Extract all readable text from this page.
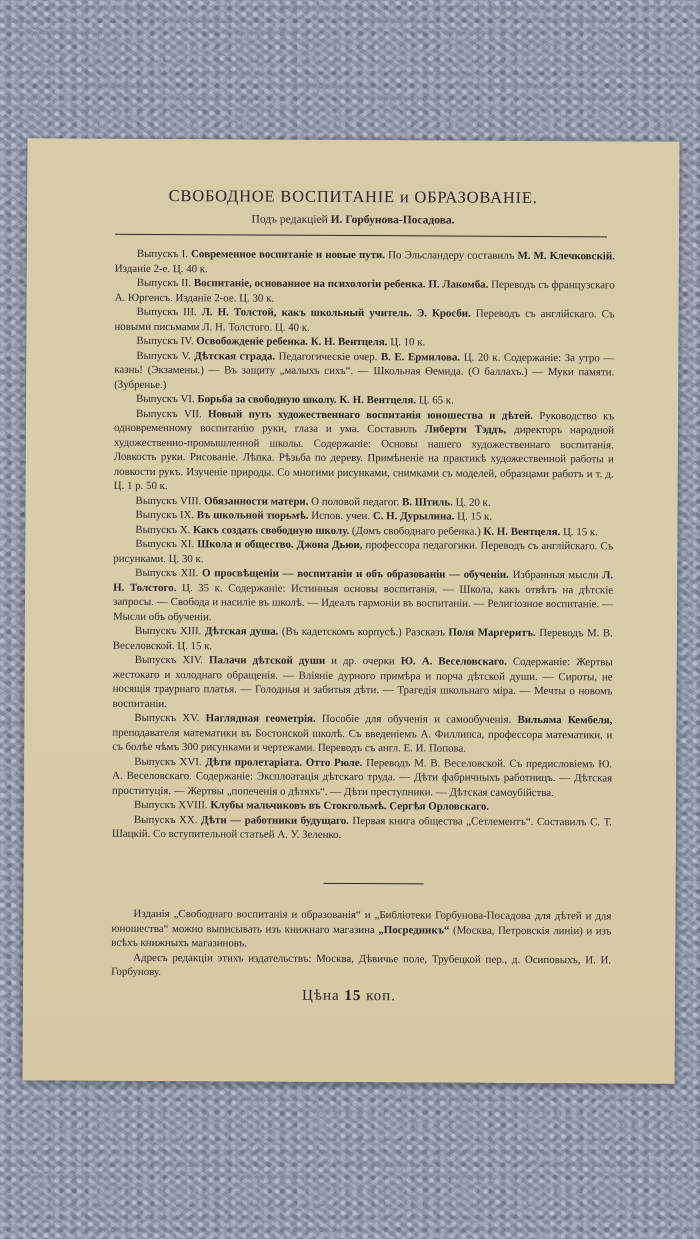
СВОБОДНОЕ ВОСПИТАНІЕ и ОБРАЗОВАНІЕ.
Подъ редакціей И. Горбунова-Посадова.

Выпускъ I. Современное воспитаніе и новые пути. По Эльсландеру составилъ М. М. Клечковскій. Изданіе 2-е. Ц. 40 к.

Выпускъ II. Воспитаніе, основанное на психологіи ребенка. П. Лакомба. Переводъ съ французскаго А. Юргенсъ. Изданіе 2-ое. Ц. 30 к.

Выпускъ III. Л. Н. Толстой, какъ школьный учитель. Э. Кросби. Переводъ съ англійскаго. Съ новыми письмами Л. Н. Толстого. Ц. 40 к.

Выпускъ IV. Освобожденіе ребенка. К. Н. Вентцеля. Ц. 10 к.

Выпускъ V. Дѣтская страда. Педагогическіе очер. В. Е. Ермилова. Ц. 20 к. Содержаніе: За утро — казнь! (Экзамены.) — Въ защиту „малыхъ сихъ“. — Школьная Ѳемида. (О баллахъ.) — Муки памяти. (Зубренье.)

Выпускъ VI. Борьба за свободную школу. К. Н. Вентцеля. Ц. 65 к.

Выпускъ VII. Новый путь художественнаго воспитанія юношества и дѣтей. Руководство къ одновременному воспитанію руки, глаза и ума. Составилъ Либерти Тэддъ, директоръ народной художественно-промышленной школы. Содержаніе: Основы нашего художественнаго воспитанія. Ловкость руки. Рисованіе. Лѣпка. Рѣзьба по дереву. Примѣненіе на практикѣ художественной работы и ловкости рукъ. Изученіе природы. Со многими рисунками, снимками съ моделей, образцами работъ и т. д. Ц. 1 р. 50 к.

Выпускъ VIII. Обязанности матери. О половой педагог. В. Штиль. Ц. 20 к.

Выпускъ IX. Въ школьной тюрьмѣ. Испов. учен. С. Н. Дурылина. Ц. 15 к.

Выпускъ X. Какъ создать свободную школу. (Домъ свободнаго ребенка.) К. Н. Вентцеля. Ц. 15 к.

Выпускъ XI. Школа и общество. Джона Дьюи, профессора педагогики. Переводъ съ англійскаго. Съ рисунками. Ц. 30 к.

Выпускъ XII. О просвѣщеніи — воспитаніи и объ образованіи — обученіи. Избранныя мысли Л. Н. Толстого. Ц. 35 к. Содержаніе: Истинныя основы воспитанія. — Школа, какъ отвѣтъ на дѣтскіе запросы. — Свобода и насиліе въ школѣ. — Идеалъ гармоніи въ воспитаніи. — Религіозное воспитаніе. — Мысли объ обученіи.

Выпускъ XIII. Дѣтская душа. (Въ кадетскомъ корпусѣ.) Разсказъ Поля Маргеритъ. Переводъ М. В. Веселовской. Ц. 15 к.

Выпускъ XIV. Палачи дѣтской души и др. очерки Ю. А. Веселовскаго. Содержаніе: Жертвы жестокаго и холоднаго обращенія. — Вліяніе дурного примѣра и порча дѣтской души. — Сироты, не носящія траурнаго платья. — Голодныя и забитыя дѣти. — Трагедія школьнаго міра. — Мечты о новомъ воспитаніи.

Выпускъ XV. Наглядная геометрія. Пособіе для обученія и самообученія. Вильяма Кембеля, преподавателя математики въ Бостонской школѣ. Съ введеніемъ А. Филлипса, профессора математики, и съ болѣе чѣмъ 300 рисунками и чертежами. Переводъ съ англ. Е. И. Попова.

Выпускъ XVI. Дѣти пролетаріата. Отто Рюле. Переводъ М. В. Веселовской. Съ предисловіемъ Ю. А. Веселовскаго. Содержаніе: Эксплоатація дѣтскаго труда. — Дѣти фабричныхъ работницъ. — Дѣтская проституція. — Жертвы „попеченія о дѣтяхъ“. — Дѣти преступники. — Дѣтская самоубійства.

Выпускъ XVIII. Клубы мальчиковъ въ Стокгольмѣ. Сергѣя Орловскаго.

Выпускъ XX. Дѣти — работники будущаго. Первая книга общества „Сетлементъ“. Составилъ С. Т. Шацкій. Со вступительной статьей А. У. Зеленко.

Изданія „Свободнаго воспитанія и образованія“ и „Библіотеки Горбунова-Посадова для дѣтей и для юношества“ можно выписывать изъ книжнаго магазина „Посредникъ“ (Москва, Петровскія линіи) и изъ всѣхъ книжныхъ магазиновъ.

Адресъ редакціи этихъ издательствъ: Москва, Дѣвичье поле, Трубецкой пер., д. Осиповыхъ, И. И. Горбунову.

Цѣна 15 коп.
